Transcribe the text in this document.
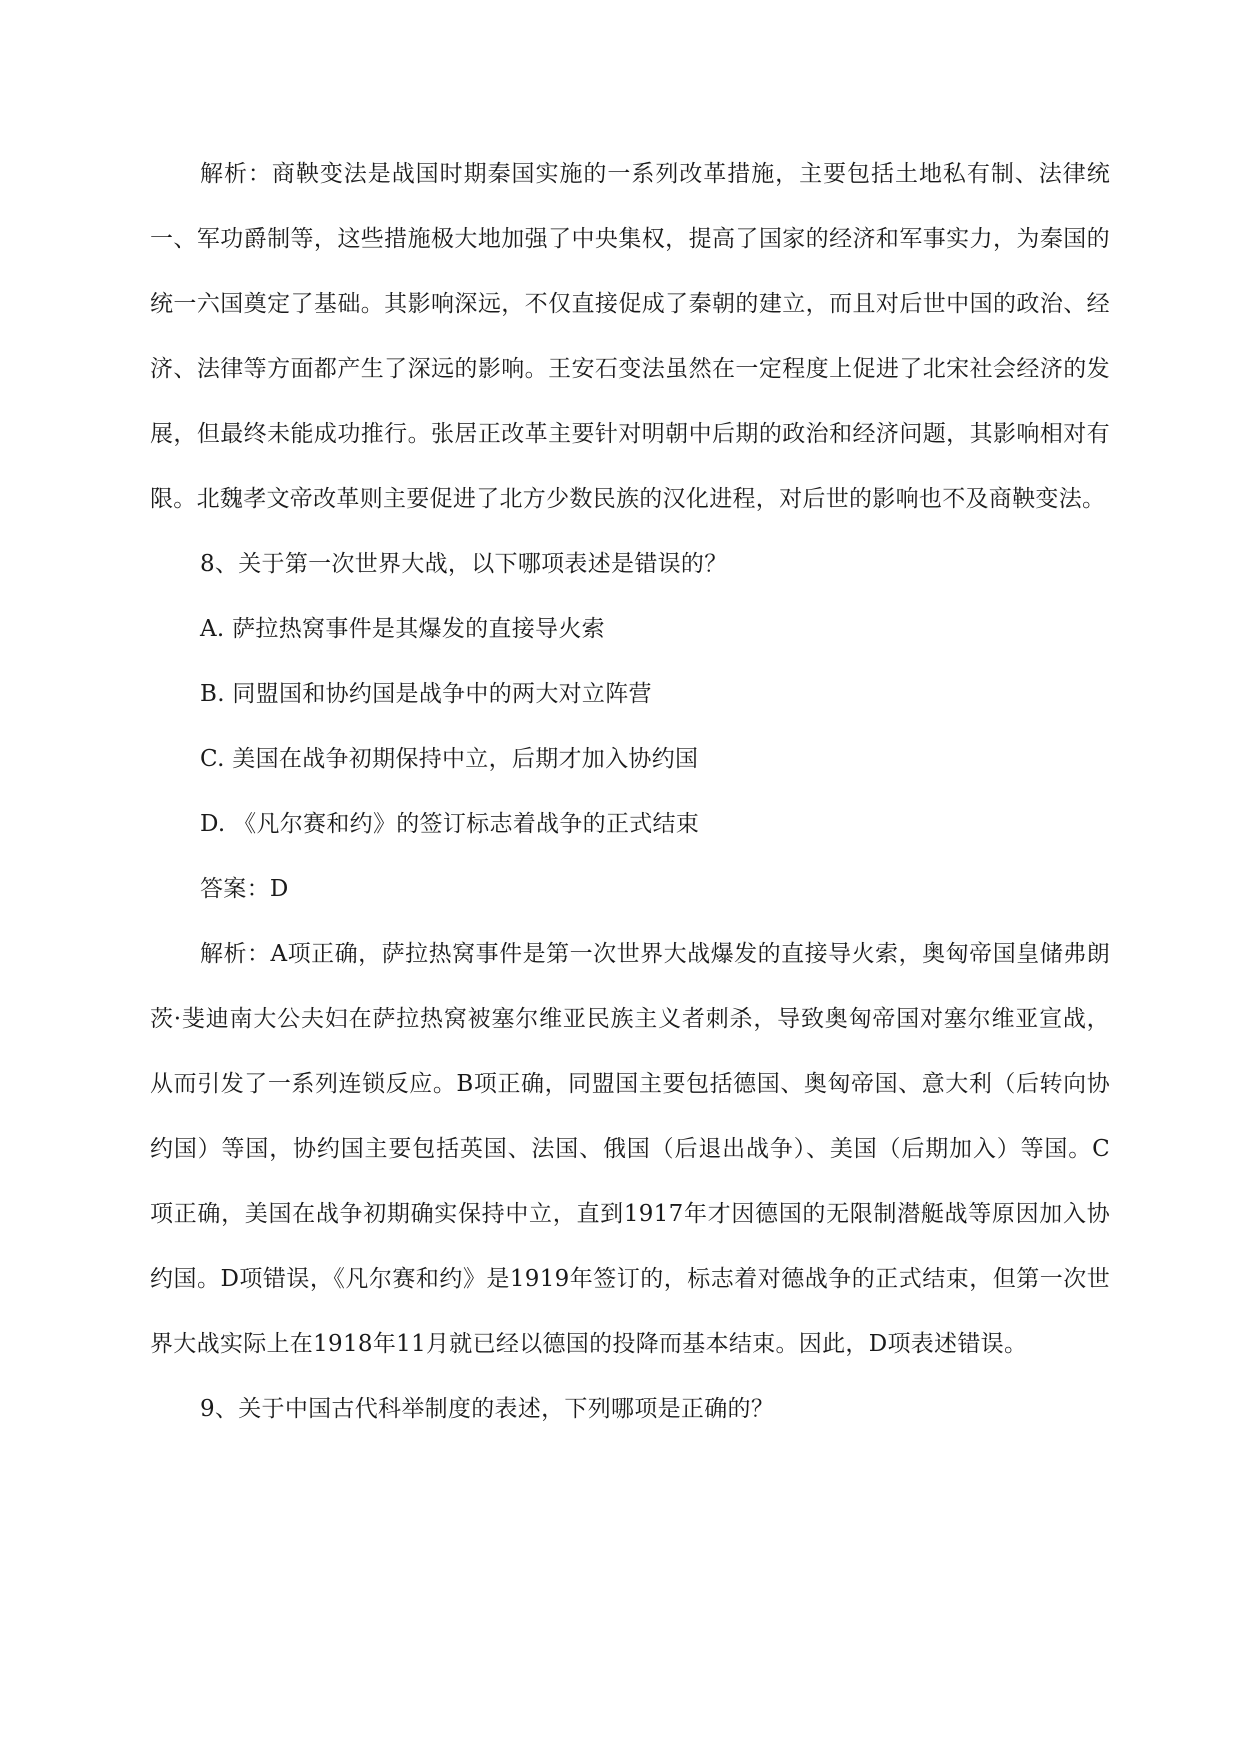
解析：商鞅变法是战国时期秦国实施的一系列改革措施，主要包括土地私有制、法律统一、军功爵制等，这些措施极大地加强了中央集权，提高了国家的经济和军事实力，为秦国的统一六国奠定了基础。其影响深远，不仅直接促成了秦朝的建立，而且对后世中国的政治、经济、法律等方面都产生了深远的影响。王安石变法虽然在一定程度上促进了北宋社会经济的发展，但最终未能成功推行。张居正改革主要针对明朝中后期的政治和经济问题，其影响相对有限。北魏孝文帝改革则主要促进了北方少数民族的汉化进程，对后世的影响也不及商鞅变法。

8、关于第一次世界大战，以下哪项表述是错误的？

A. 萨拉热窝事件是其爆发的直接导火索

B. 同盟国和协约国是战争中的两大对立阵营

C. 美国在战争初期保持中立，后期才加入协约国

D. 《凡尔赛和约》的签订标志着战争的正式结束

答案：D

解析：A项正确，萨拉热窝事件是第一次世界大战爆发的直接导火索，奥匈帝国皇储弗朗茨·斐迪南大公夫妇在萨拉热窝被塞尔维亚民族主义者刺杀，导致奥匈帝国对塞尔维亚宣战，从而引发了一系列连锁反应。B项正确，同盟国主要包括德国、奥匈帝国、意大利（后转向协约国）等国，协约国主要包括英国、法国、俄国（后退出战争）、美国（后期加入）等国。C项正确，美国在战争初期确实保持中立，直到1917年才因德国的无限制潜艇战等原因加入协约国。D项错误，《凡尔赛和约》是1919年签订的，标志着对德战争的正式结束，但第一次世界大战实际上在1918年11月就已经以德国的投降而基本结束。因此，D项表述错误。

9、关于中国古代科举制度的表述，下列哪项是正确的？
